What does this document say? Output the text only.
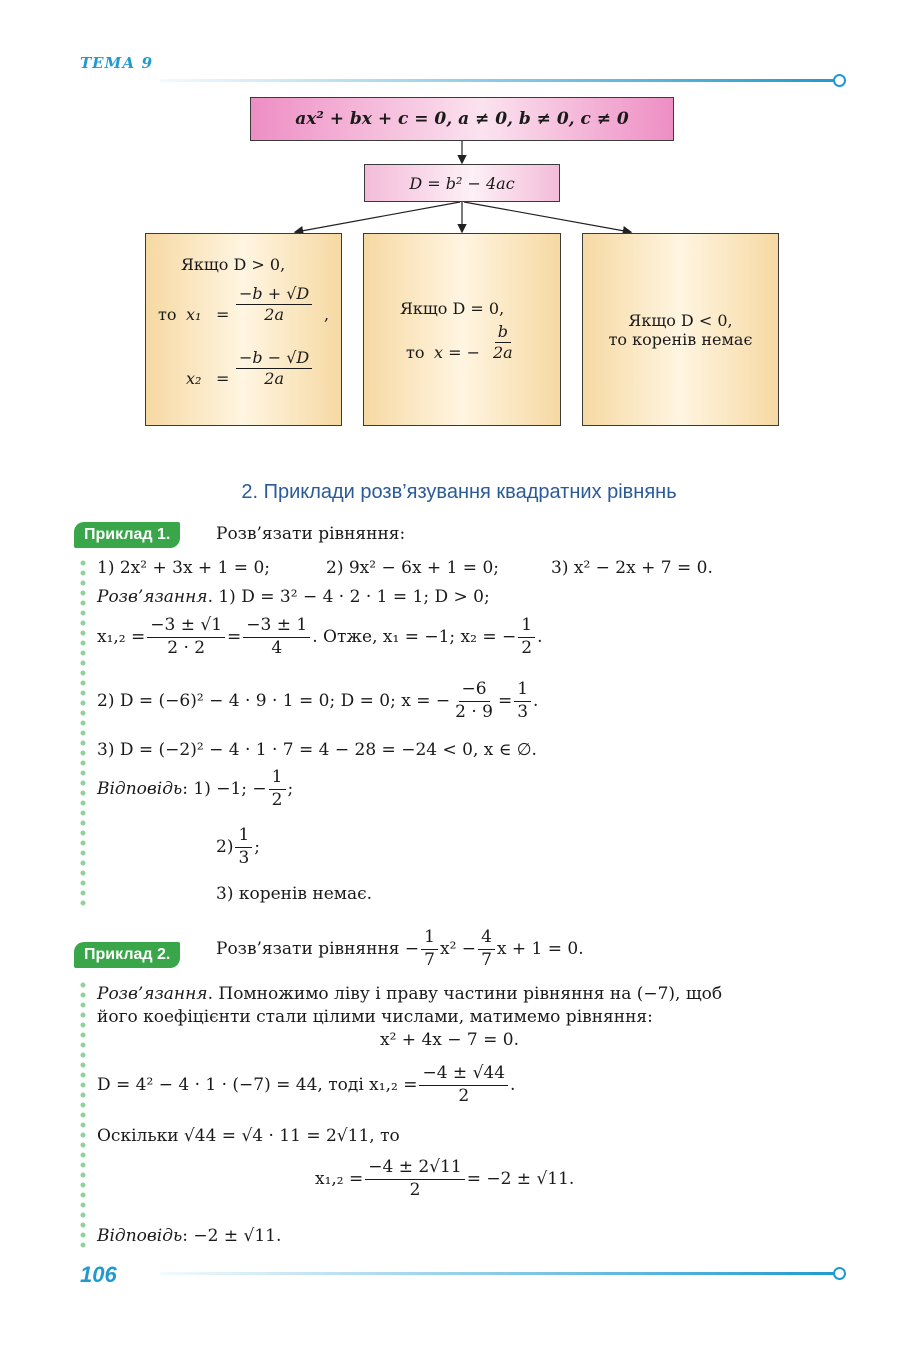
ТЕМА 9
ax² + bx + c = 0, a ≠ 0, b ≠ 0, c ≠ 0
D = b² − 4ac
Якщо D > 0,
то $x_1 = \frac{-b + √D}{2a}$ ,
$x_2 = \frac{-b - √D}{2a}$
Якщо D = 0,
то x = − $\frac{b}{2a}$
Якщо D < 0,
то коренів немає
2. Приклади розв’язування квадратних рівнянь
Приклад 1.	Розв’язати рівняння:
1) 2x² + 3x + 1 = 0;	2) 9x² − 6x + 1 = 0;	3) x² − 2x + 7 = 0.
Розв’язання . 1) D = 3² − 4 · 2 · 1 = 1; D > 0;
$x_1,_2 = \frac{-3 \pm √1}{2 \cdot 2} = \frac{-3 \pm 1}{4}$ . Отже, x₁ = −1; x₂ = − $\frac{1}{2}$ .
2) D = (−6)² − 4 · 9 · 1 = 0; D = 0; x = − $\frac{-6}{2 \cdot 9} = \frac{1}{3}$ .
3) D = (−2)² − 4 · 1 · 7 = 4 − 28 = −24 < 0, x ∈ ∅.
Відповідь : 1) −1; − $\frac{1}{2}$ ;
$2) \frac{1}{3}$ ;
3) коренів немає.
Приклад 2.	Розв’язати рівняння − $\frac{1}{7} x^2 - \frac{4}{7}$ x + 1 = 0.
Розв’язання . Помножимо ліву і праву частини рівняння на (−7), щоб
його коефіцієнти стали цілими числами, матимемо рівняння:
x² + 4x − 7 = 0.
D = 4² − 4 · 1 · (−7) = 44, тоді $x_1,_2 = \frac{-4 \pm √44}{2}$ .
Оскільки √44 = √4 · 11 = 2√11, то
$x_1,_2 = \frac{-4 \pm 2√11}{2} = -2 \pm √11$.
Відповідь : −2 ± √11.
106
